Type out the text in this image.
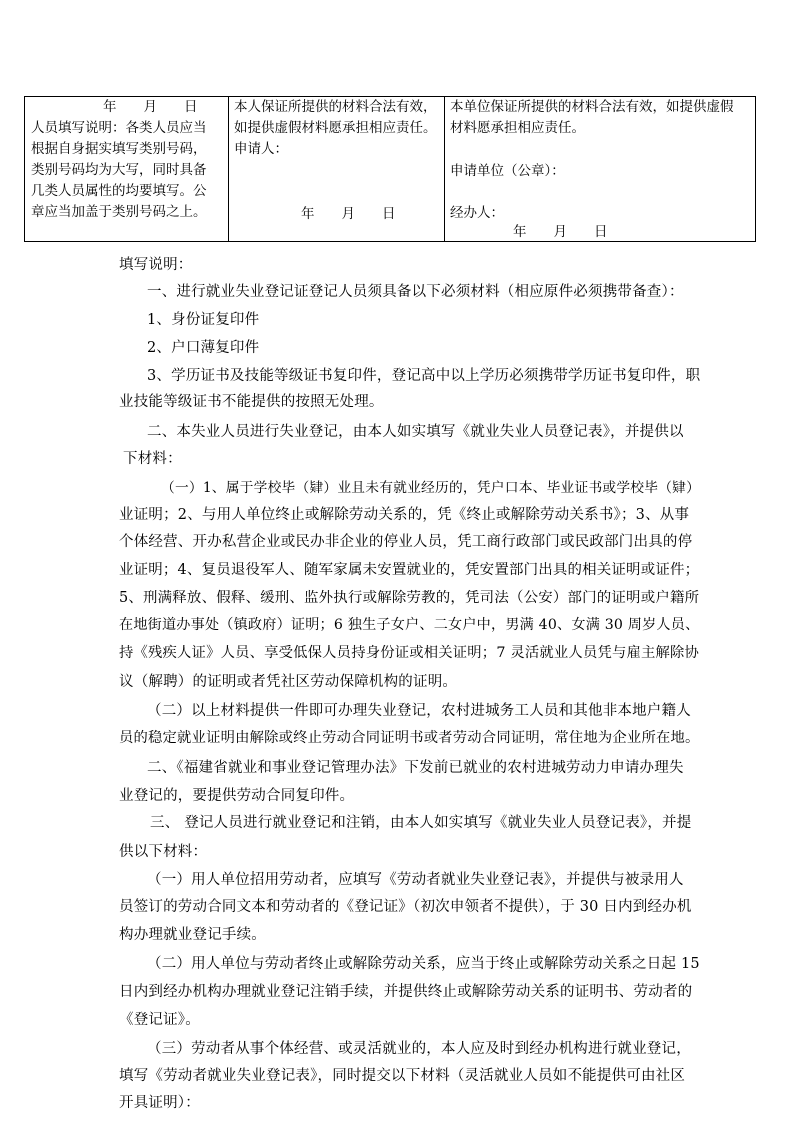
年　　月　　日
人员填写说明：各类人员应当
根据自身据实填写类别号码，
类别号码均为大写，同时具备
几类人员属性的均要填写。公
章应当加盖于类别号码之上。
本人保证所提供的材料合法有效，
如提供虚假材料愿承担相应责任。
申请人：
年　　月　　日
本单位保证所提供的材料合法有效，如提供虚假
材料愿承担相应责任。
申请单位（公章）：
经办人：
年　　月　　日
填写说明：
一、进行就业失业登记证登记人员须具备以下必须材料（相应原件必须携带备查）：
1、身份证复印件
2、户口薄复印件
3、学历证书及技能等级证书复印件，登记高中以上学历必须携带学历证书复印件，职
业技能等级证书不能提供的按照无处理。
二、本失业人员进行失业登记，由本人如实填写《就业失业人员登记表》，并提供以
下材料：
（一）1、属于学校毕（肄）业且未有就业经历的，凭户口本、毕业证书或学校毕（肄）
业证明；2、与用人单位终止或解除劳动关系的，凭《终止或解除劳动关系书》；3、从事
个体经营、开办私营企业或民办非企业的停业人员，凭工商行政部门或民政部门出具的停
业证明；4、复员退役军人、随军家属未安置就业的，凭安置部门出具的相关证明或证件；
5、刑满释放、假释、缓刑、监外执行或解除劳教的，凭司法（公安）部门的证明或户籍所
在地街道办事处（镇政府）证明；6 独生子女户、二女户中，男满 40、女满 30 周岁人员、
持《残疾人证》人员、享受低保人员持身份证或相关证明；7 灵活就业人员凭与雇主解除协
议（解聘）的证明或者凭社区劳动保障机构的证明。
（二）以上材料提供一件即可办理失业登记，农村进城务工人员和其他非本地户籍人
员的稳定就业证明由解除或终止劳动合同证明书或者劳动合同证明，常住地为企业所在地。
二、《福建省就业和事业登记管理办法》下发前已就业的农村进城劳动力申请办理失
业登记的，要提供劳动合同复印件。
三、 登记人员进行就业登记和注销，由本人如实填写《就业失业人员登记表》，并提
供以下材料：
（一）用人单位招用劳动者，应填写《劳动者就业失业登记表》，并提供与被录用人
员签订的劳动合同文本和劳动者的《登记证》（初次申领者不提供），于 30 日内到经办机
构办理就业登记手续。
（二）用人单位与劳动者终止或解除劳动关系，应当于终止或解除劳动关系之日起 15
日内到经办机构办理就业登记注销手续，并提供终止或解除劳动关系的证明书、劳动者的
《登记证》。
（三）劳动者从事个体经营、或灵活就业的，本人应及时到经办机构进行就业登记，
填写《劳动者就业失业登记表》，同时提交以下材料（灵活就业人员如不能提供可由社区
开具证明）：
